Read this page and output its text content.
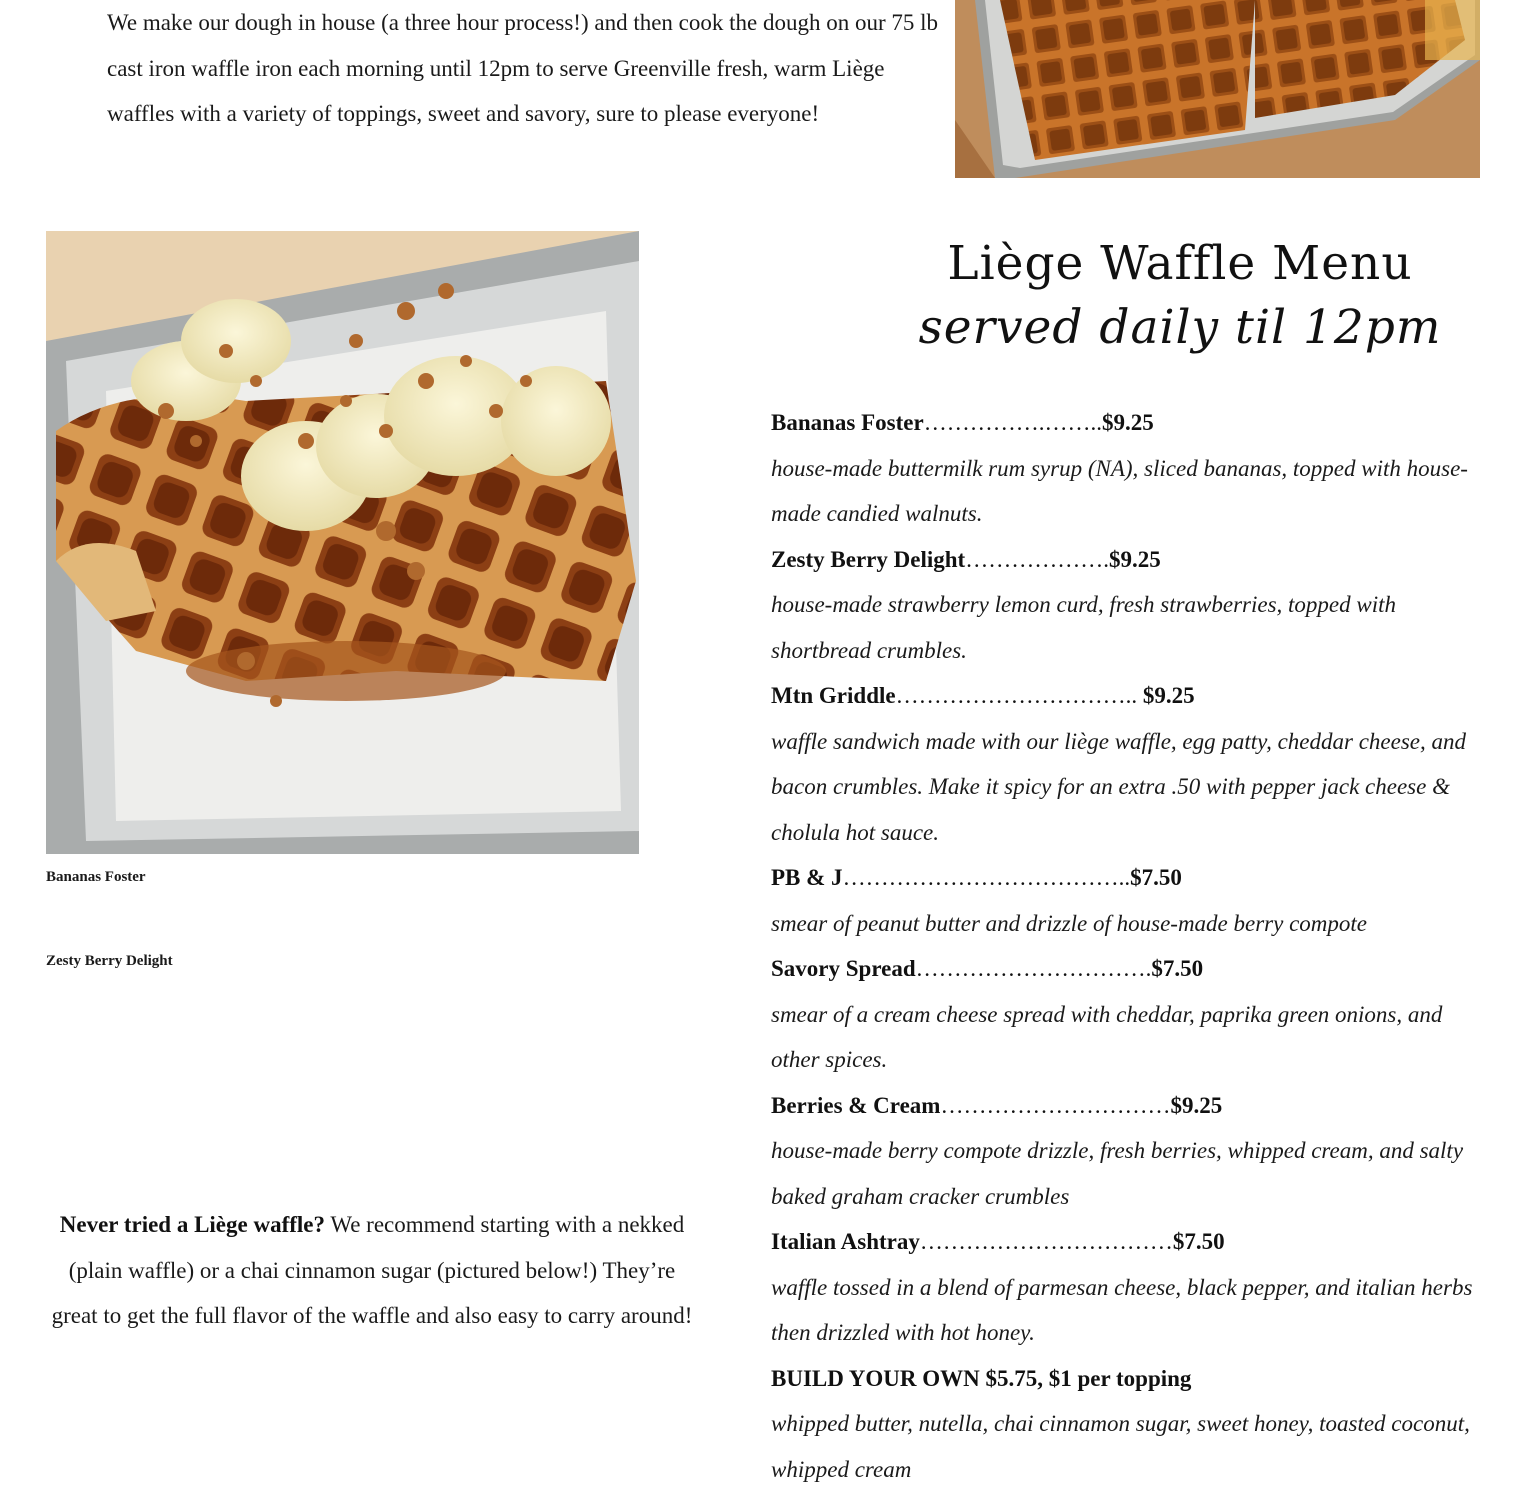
We make our dough in house (a three hour process!) and then cook the dough on our 75 lb cast iron waffle iron each morning until 12pm to serve Greenville fresh, warm Liège waffles with a variety of toppings, sweet and savory, sure to please everyone!
Bananas Foster
Zesty Berry Delight
Liège Waffle Menu
served daily til 12pm
Bananas Foster…………….……..$9.25
house-made buttermilk rum syrup (NA), sliced bananas, topped with house-made candied walnuts.
Zesty Berry Delight……………….$9.25
house-made strawberry lemon curd, fresh strawberries, topped with shortbread crumbles.
Mtn Griddle………………………….. $9.25
waffle sandwich made with our liège waffle, egg patty, cheddar cheese, and bacon crumbles. Make it spicy for an extra .50 with pepper jack cheese & cholula hot sauce.
PB & J………………………………..$7.50
smear of peanut butter and drizzle of house-made berry compote
Savory Spread………………………….$7.50
smear of a cream cheese spread with cheddar, paprika green onions, and other spices.
Berries & Cream…………………………$9.25
house-made berry compote drizzle, fresh berries, whipped cream, and salty baked graham cracker crumbles
Italian Ashtray……………………………$7.50
waffle tossed in a blend of parmesan cheese, black pepper, and italian herbs then drizzled with hot honey.
BUILD YOUR OWN $5.75, $1 per topping
whipped butter, nutella, chai cinnamon sugar, sweet honey, toasted coconut, whipped cream
Never tried a Liège waffle? We recommend starting with a nekked (plain waffle) or a chai cinnamon sugar (pictured below!) They’re great to get the full flavor of the waffle and also easy to carry around!
